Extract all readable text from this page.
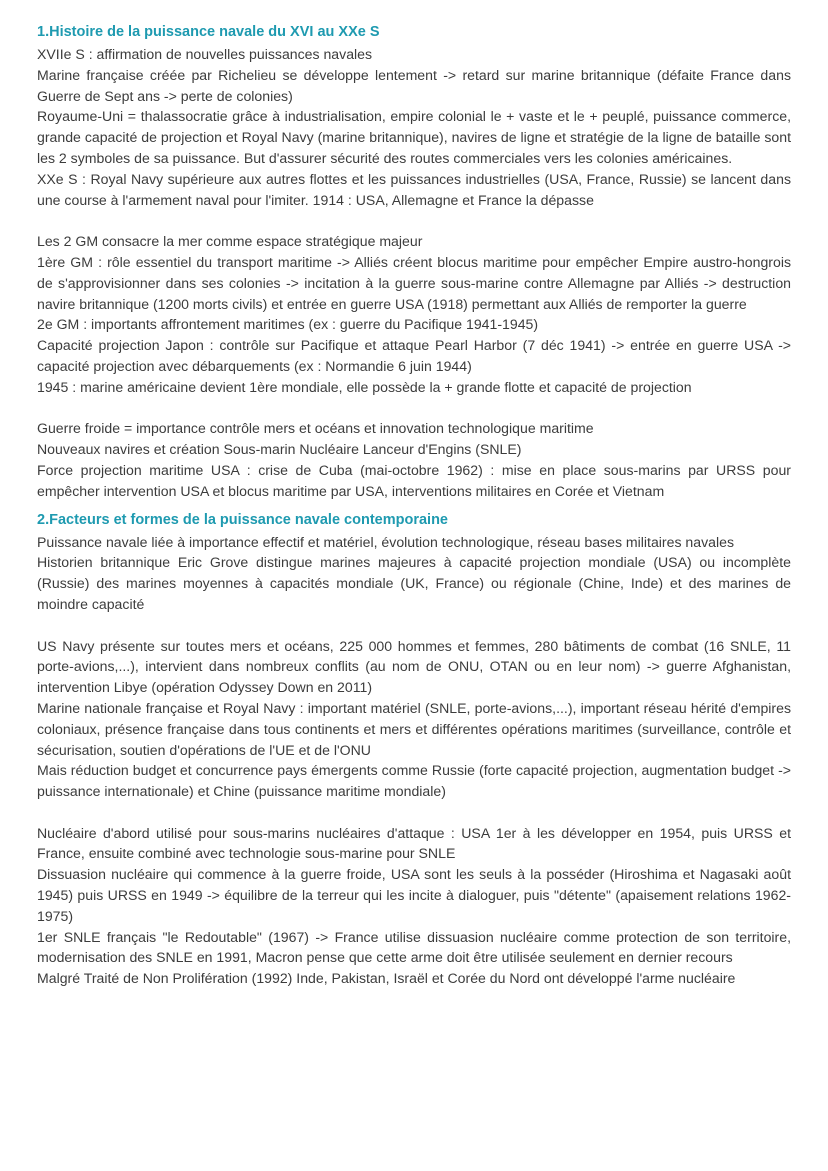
1.Histoire de la puissance navale du XVI au XXe S

XVIIe S : affirmation de nouvelles puissances navales

Marine française créée par Richelieu se développe lentement -> retard sur marine britannique (défaite France dans Guerre de Sept ans -> perte de colonies)

Royaume-Uni = thalassocratie grâce à industrialisation, empire colonial le + vaste et le + peuplé, puissance commerce, grande capacité de projection et Royal Navy (marine britannique), navires de ligne et stratégie de la ligne de bataille sont les 2 symboles de sa puissance. But d'assurer sécurité des routes commerciales vers les colonies américaines.

XXe S : Royal Navy supérieure aux autres flottes et les puissances industrielles (USA, France, Russie) se lancent dans une course à l'armement naval pour l'imiter. 1914 : USA, Allemagne et France la dépasse

Les 2 GM consacre la mer comme espace stratégique majeur

1ère GM : rôle essentiel du transport maritime -> Alliés créent blocus maritime pour empêcher Empire austro-hongrois de s'approvisionner dans ses colonies -> incitation à la guerre sous-marine contre Allemagne par Alliés -> destruction navire britannique (1200 morts civils) et entrée en guerre USA (1918) permettant aux Alliés de remporter la guerre

2e GM : importants affrontement maritimes (ex : guerre du Pacifique 1941-1945)

Capacité projection Japon : contrôle sur Pacifique et attaque Pearl Harbor (7 déc 1941) -> entrée en guerre USA -> capacité projection avec débarquements (ex : Normandie 6 juin 1944)

1945 : marine américaine devient 1ère mondiale, elle possède la + grande flotte et capacité de projection

Guerre froide = importance contrôle mers et océans et innovation technologique maritime

Nouveaux navires et création Sous-marin Nucléaire Lanceur d'Engins (SNLE)

Force projection maritime USA : crise de Cuba (mai-octobre 1962) : mise en place sous-marins par URSS pour empêcher intervention USA et blocus maritime par USA, interventions militaires en Corée et Vietnam

2.Facteurs et formes de la puissance navale contemporaine

Puissance navale liée à importance effectif et matériel, évolution technologique, réseau bases militaires navales

Historien britannique Eric Grove distingue marines majeures à capacité projection mondiale (USA) ou incomplète (Russie) des marines moyennes à capacités mondiale (UK, France) ou régionale (Chine, Inde) et des marines de moindre capacité

US Navy présente sur toutes mers et océans, 225 000 hommes et femmes, 280 bâtiments de combat (16 SNLE, 11 porte-avions,...), intervient dans nombreux conflits (au nom de ONU, OTAN ou en leur nom) -> guerre Afghanistan, intervention Libye (opération Odyssey Down en 2011)

Marine nationale française et Royal Navy : important matériel (SNLE, porte-avions,...), important réseau hérité d'empires coloniaux, présence française dans tous continents et mers et différentes opérations maritimes (surveillance, contrôle et sécurisation, soutien d'opérations de l'UE et de l'ONU

Mais réduction budget et concurrence pays émergents comme Russie (forte capacité projection, augmentation budget -> puissance internationale) et Chine (puissance maritime mondiale)

Nucléaire d'abord utilisé pour sous-marins nucléaires d'attaque : USA 1er à les développer en 1954, puis URSS et France, ensuite combiné avec technologie sous-marine pour SNLE

Dissuasion nucléaire qui commence à la guerre froide, USA sont les seuls à la posséder (Hiroshima et Nagasaki août 1945) puis URSS en 1949 -> équilibre de la terreur qui les incite à dialoguer, puis "détente" (apaisement relations 1962-1975)

1er SNLE français "le Redoutable" (1967) -> France utilise dissuasion nucléaire comme protection de son territoire, modernisation des SNLE en 1991, Macron pense que cette arme doit être utilisée seulement en dernier recours

Malgré Traité de Non Prolifération (1992) Inde, Pakistan, Israël et Corée du Nord ont développé l'arme nucléaire
